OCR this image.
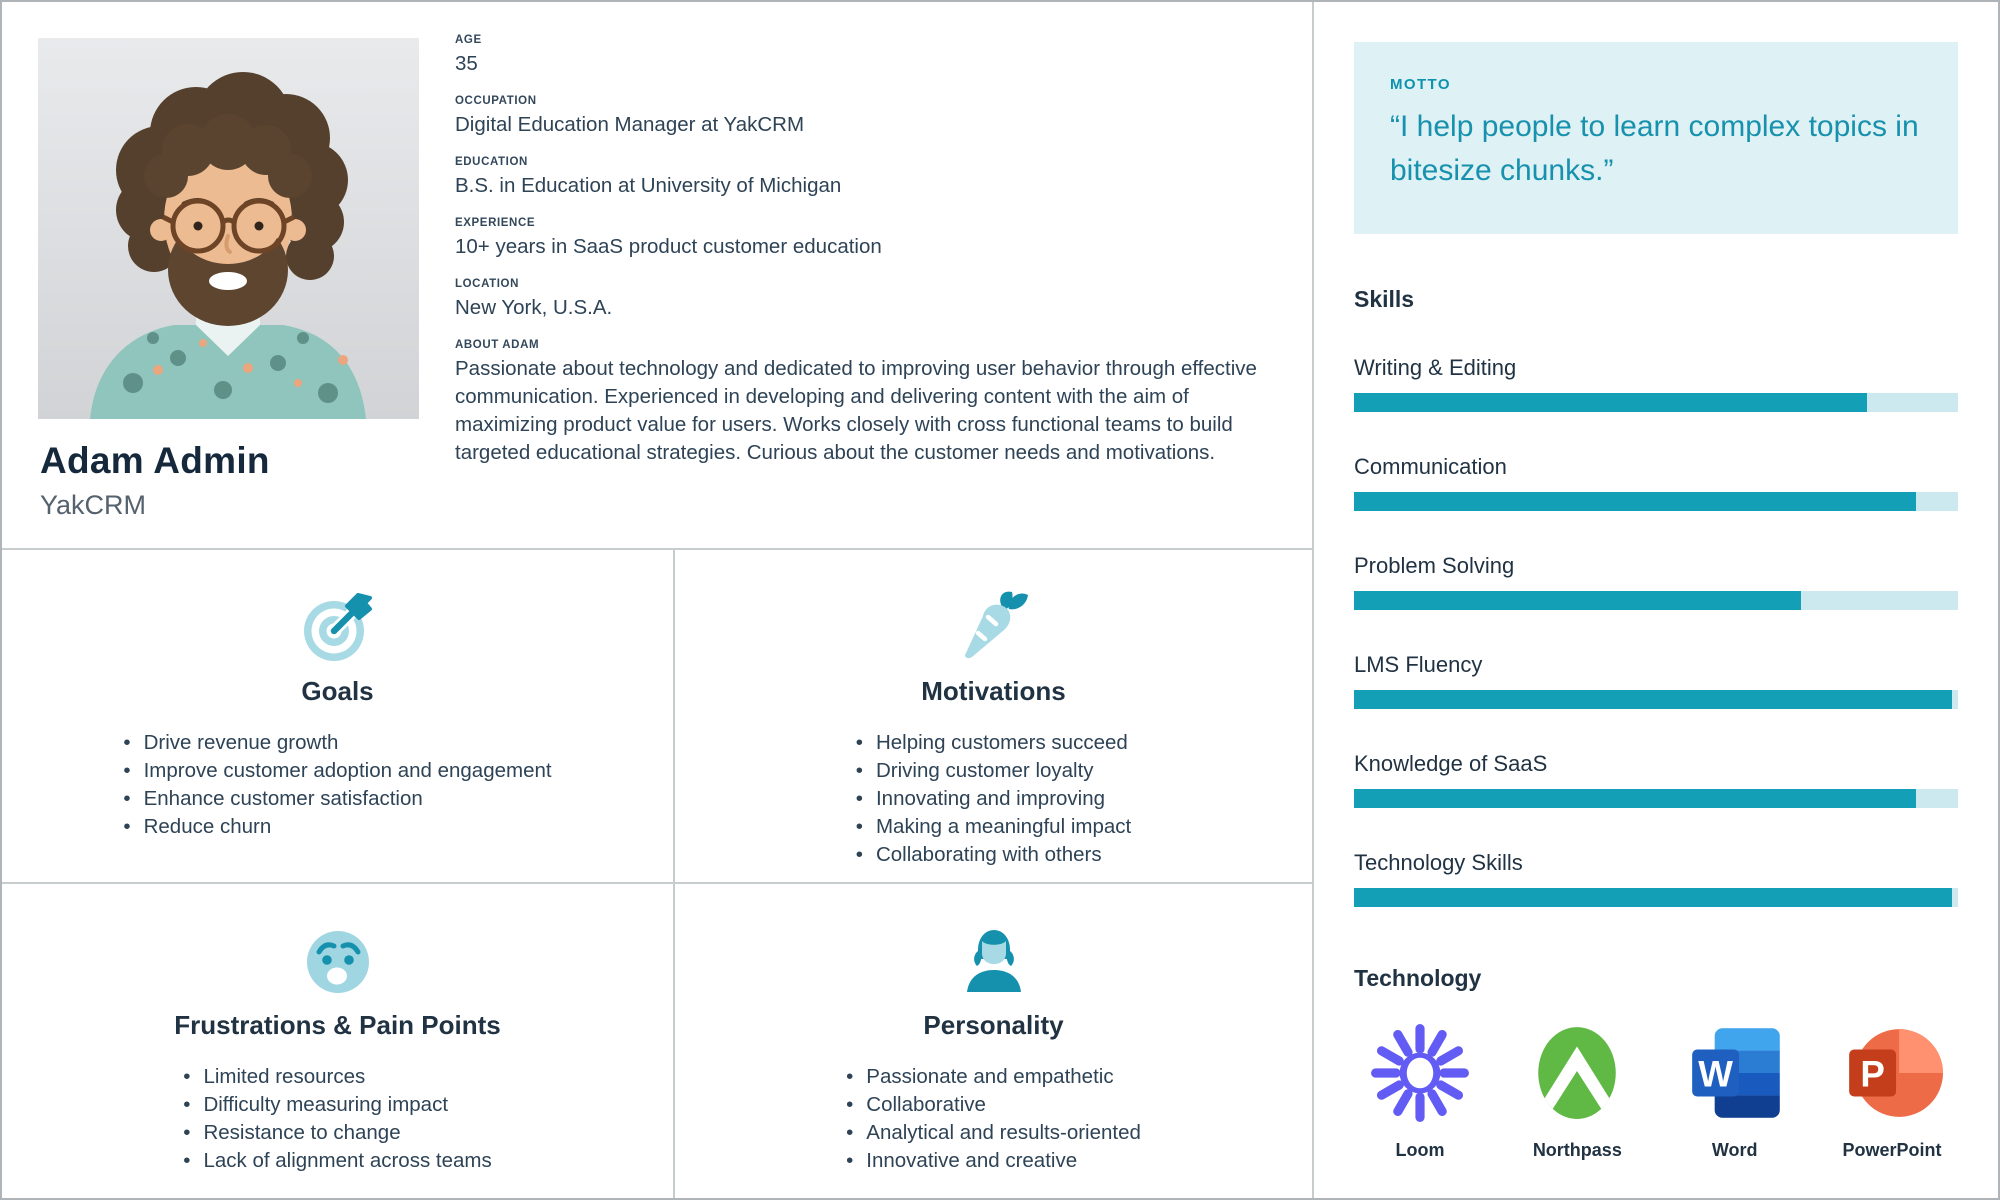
Adam Admin
YakCRM
AGE
35
OCCUPATION
Digital Education Manager at YakCRM
EDUCATION
B.S. in Education at University of Michigan
EXPERIENCE
10+ years in SaaS product customer education
LOCATION
New York, U.S.A.
ABOUT ADAM
Passionate about technology and dedicated to improving user behavior through effective communication. Experienced in developing and delivering content with the aim of maximizing product value for users. Works closely with cross functional teams to build targeted educational strategies. Curious about the customer needs and motivations.
Goals
• Drive revenue growth
• Improve customer adoption and engagement
• Enhance customer satisfaction
• Reduce churn
Motivations
• Helping customers succeed
• Driving customer loyalty
• Innovating and improving
• Making a meaningful impact
• Collaborating with others
Frustrations & Pain Points
• Limited resources
• Difficulty measuring impact
• Resistance to change
• Lack of alignment across teams
Personality
• Passionate and empathetic
• Collaborative
• Analytical and results-oriented
• Innovative and creative
MOTTO
“I help people to learn complex topics in bitesize chunks.”
Skills
Writing & Editing
Communication
Problem Solving
LMS Fluency
Knowledge of SaaS
Technology Skills
Technology
Loom	Northpass
W
Word
P
PowerPoint
